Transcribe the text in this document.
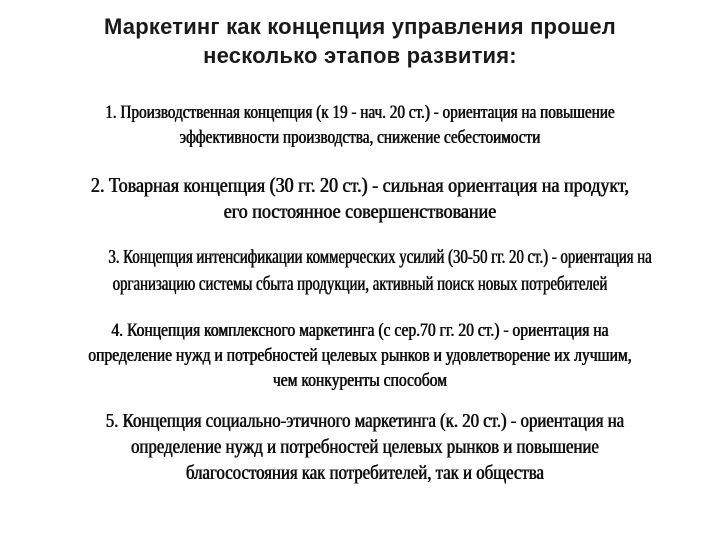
Маркетинг как концепция управления прошел
несколько этапов развития:
1. Производственная концепция (к 19 - нач. 20 ст.) - ориентация на повышение
эффективности производства, снижение себестоимости
2. Товарная концепция (30 гг. 20 ст.) - сильная ориентация на продукт,
его постоянное совершенствование
3. Концепция интенсификации коммерческих усилий (30-50 гг. 20 ст.) - ориентация на
организацию системы сбыта продукции, активный поиск новых потребителей
4. Концепция комплексного маркетинга (с сер.70 гг. 20 ст.) - ориентация на
определение нужд и потребностей целевых рынков и удовлетворение их лучшим,
чем конкуренты способом
5. Концепция социально-этичного маркетинга (к. 20 ст.) - ориентация на
определение нужд и потребностей целевых рынков и повышение
благосостояния как потребителей, так и общества
